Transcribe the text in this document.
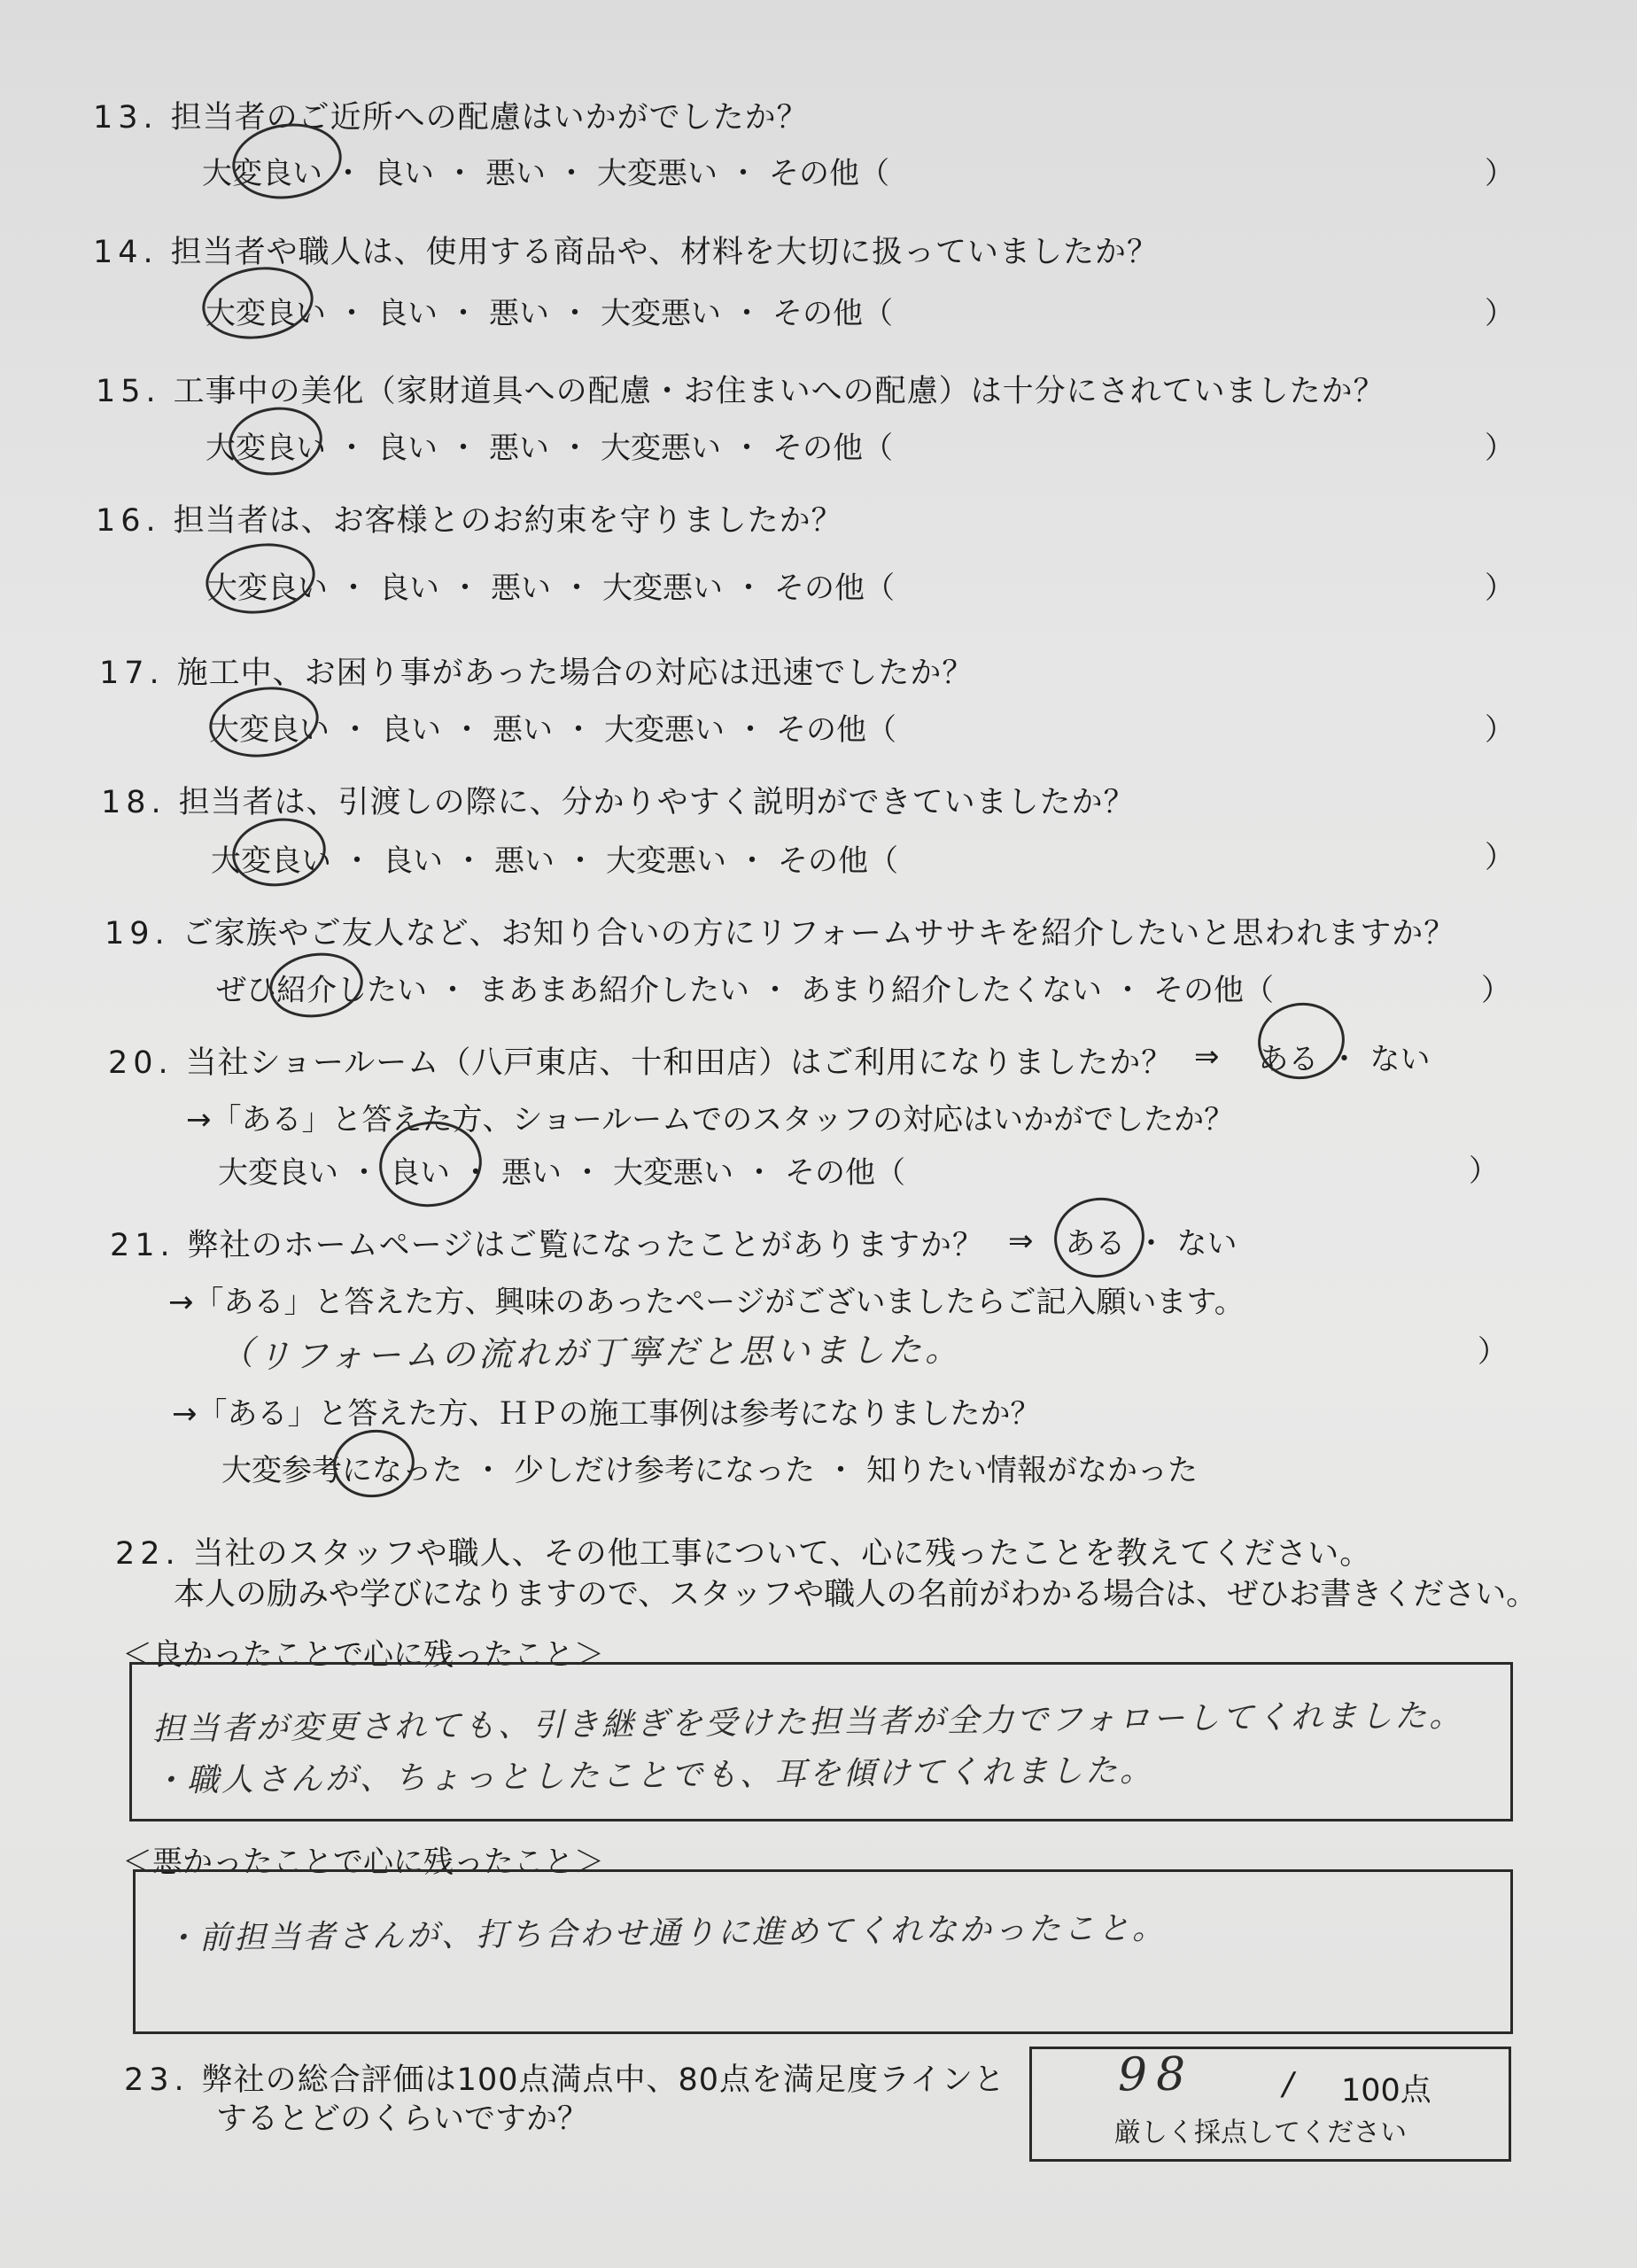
13. 担当者のご近所への配慮はいかがでしたか？
大変良い ・ 良い ・ 悪い ・ 大変悪い ・ その他（	）
14. 担当者や職人は、使用する商品や、材料を大切に扱っていましたか？
大変良い ・ 良い ・ 悪い ・ 大変悪い ・ その他（	）
15. 工事中の美化（家財道具への配慮・お住まいへの配慮）は十分にされていましたか？
大変良い ・ 良い ・ 悪い ・ 大変悪い ・ その他（	）
16. 担当者は、お客様とのお約束を守りましたか？
大変良い ・ 良い ・ 悪い ・ 大変悪い ・ その他（	）
17. 施工中、お困り事があった場合の対応は迅速でしたか？
大変良い ・ 良い ・ 悪い ・ 大変悪い ・ その他（	）
18. 担当者は、引渡しの際に、分かりやすく説明ができていましたか？
大変良い ・ 良い ・ 悪い ・ 大変悪い ・ その他（	）
19. ご家族やご友人など、お知り合いの方にリフォームササキを紹介したいと思われますか？
ぜひ紹介したい ・ まあまあ紹介したい ・ あまり紹介したくない ・ その他（	）
20. 当社ショールーム（八戸東店、十和田店）はご利用になりましたか？ ⇒ ある ・ ない
→「ある」と答えた方、ショールームでのスタッフの対応はいかがでしたか？
大変良い ・ 良い ・ 悪い ・ 大変悪い ・ その他（	）
21. 弊社のホームページはご覧になったことがありますか？ ⇒ ある ・ ない
→「ある」と答えた方、興味のあったページがございましたらご記入願います。
（ リフォームの流れが丁寧だと思いました。	）
→「ある」と答えた方、ＨＰの施工事例は参考になりましたか？
大変参考になった ・ 少しだけ参考になった ・ 知りたい情報がなかった
22. 当社のスタッフや職人、その他工事について、心に残ったことを教えてください。
本人の励みや学びになりますので、スタッフや職人の名前がわかる場合は、ぜひお書きください。
＜良かったことで心に残ったこと＞
担当者が変更されても、引き継ぎを受けた担当者が全力でフォローしてくれました。
・職人さんが、ちょっとしたことでも、耳を傾けてくれました。
＜悪かったことで心に残ったこと＞
・前担当者さんが、打ち合わせ通りに進めてくれなかったこと。
23. 弊社の総合評価は100点満点中、80点を満足度ラインと
するとどのくらいですか？
98	/ 100点
厳しく採点してください
